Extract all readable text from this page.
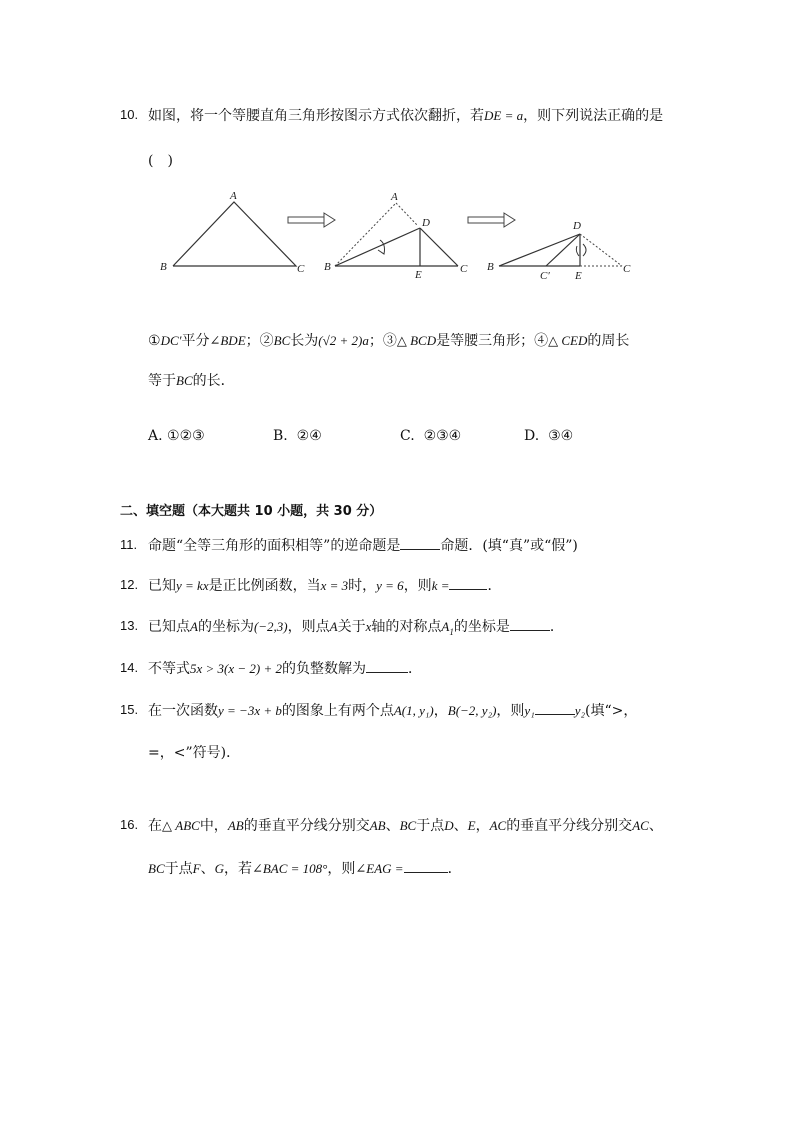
10. 如图，将一个等腰直角三角形按图示方式依次翻折，若DE = a，则下列说法正确的是
(　)
A
B	C
A
B	C
D
E
B	C
D
E
C′
①DC′平分∠BDE；②BC长为(√2 + 2)a；③△ BCD是等腰三角形；④△ CED的周长
等于BC的长．
A. ①②③	B. ②④	C. ②③④	D. ③④
二、填空题（本大题共 10 小题，共 30 分）
11. 命题“全等三角形的面积相等”的逆命题是	命题．(填“真”或“假”)
12. 已知y = kx是正比例函数，当x = 3时，y = 6，则k =	．
13. 已知点A的坐标为(−2,3)，则点A关于x轴的对称点$A_1$的坐标是	．
14. 不等式5x > 3(x − 2) + 2的负整数解为	．
15. 在一次函数y = −3x + b的图象上有两个点A(1, y₁)，B(−2, y₂)，则y₁	y₂(填“>，
=，<”符号)．
16. 在△ ABC中，AB的垂直平分线分别交AB、BC于点D、E，AC的垂直平分线分别交AC、
BC于点F、G，若∠BAC = 108°，则∠EAG =	．
